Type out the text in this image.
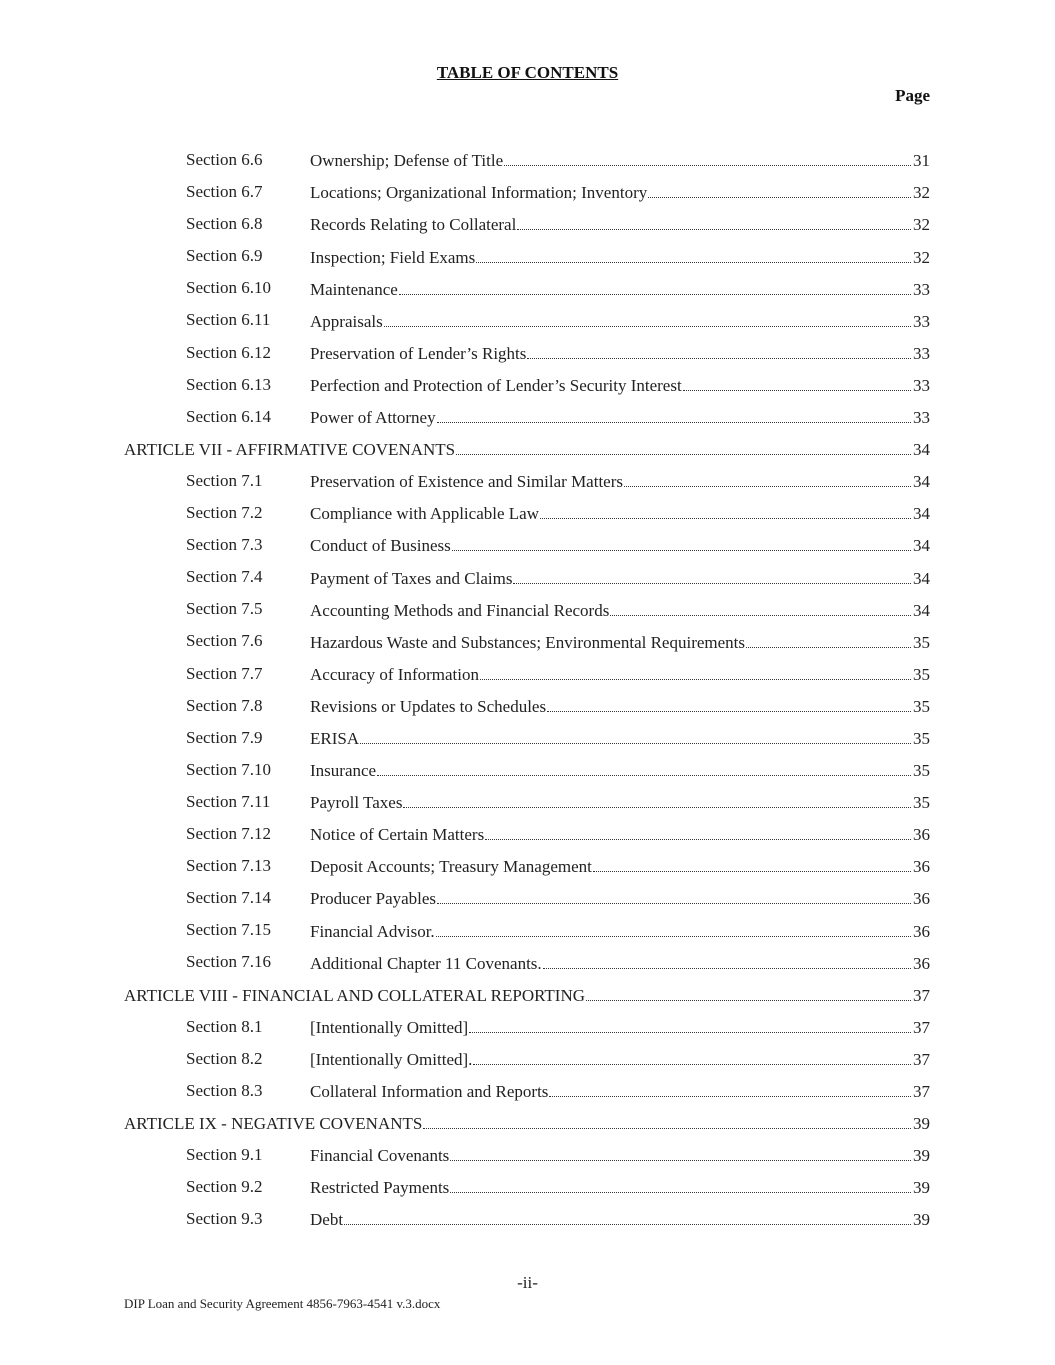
TABLE OF CONTENTS
Page
Section 6.6	Ownership; Defense of Title	31
Section 6.7	Locations; Organizational Information; Inventory	32
Section 6.8	Records Relating to Collateral	32
Section 6.9	Inspection; Field Exams	32
Section 6.10 Maintenance	33
Section 6.11 Appraisals	33
Section 6.12 Preservation of Lender’s Rights	33
Section 6.13 Perfection and Protection of Lender’s Security Interest	33
Section 6.14 Power of Attorney	33
ARTICLE VII - AFFIRMATIVE COVENANTS	34
Section 7.1	Preservation of Existence and Similar Matters	34
Section 7.2	Compliance with Applicable Law	34
Section 7.3	Conduct of Business	34
Section 7.4	Payment of Taxes and Claims	34
Section 7.5	Accounting Methods and Financial Records	34
Section 7.6	Hazardous Waste and Substances; Environmental Requirements	35
Section 7.7	Accuracy of Information	35
Section 7.8	Revisions or Updates to Schedules	35
Section 7.9	ERISA	35
Section 7.10 Insurance	35
Section 7.11 Payroll Taxes	35
Section 7.12 Notice of Certain Matters	36
Section 7.13 Deposit Accounts; Treasury Management	36
Section 7.14 Producer Payables	36
Section 7.15 Financial Advisor.	36
Section 7.16 Additional Chapter 11 Covenants.	36
ARTICLE VIII - FINANCIAL AND COLLATERAL REPORTING	37
Section 8.1	[Intentionally Omitted]	37
Section 8.2	[Intentionally Omitted].	37
Section 8.3	Collateral Information and Reports	37
ARTICLE IX - NEGATIVE COVENANTS	39
Section 9.1	Financial Covenants	39
Section 9.2	Restricted Payments	39
Section 9.3	Debt	39
-ii-
DIP Loan and Security Agreement 4856-7963-4541 v.3.docx
